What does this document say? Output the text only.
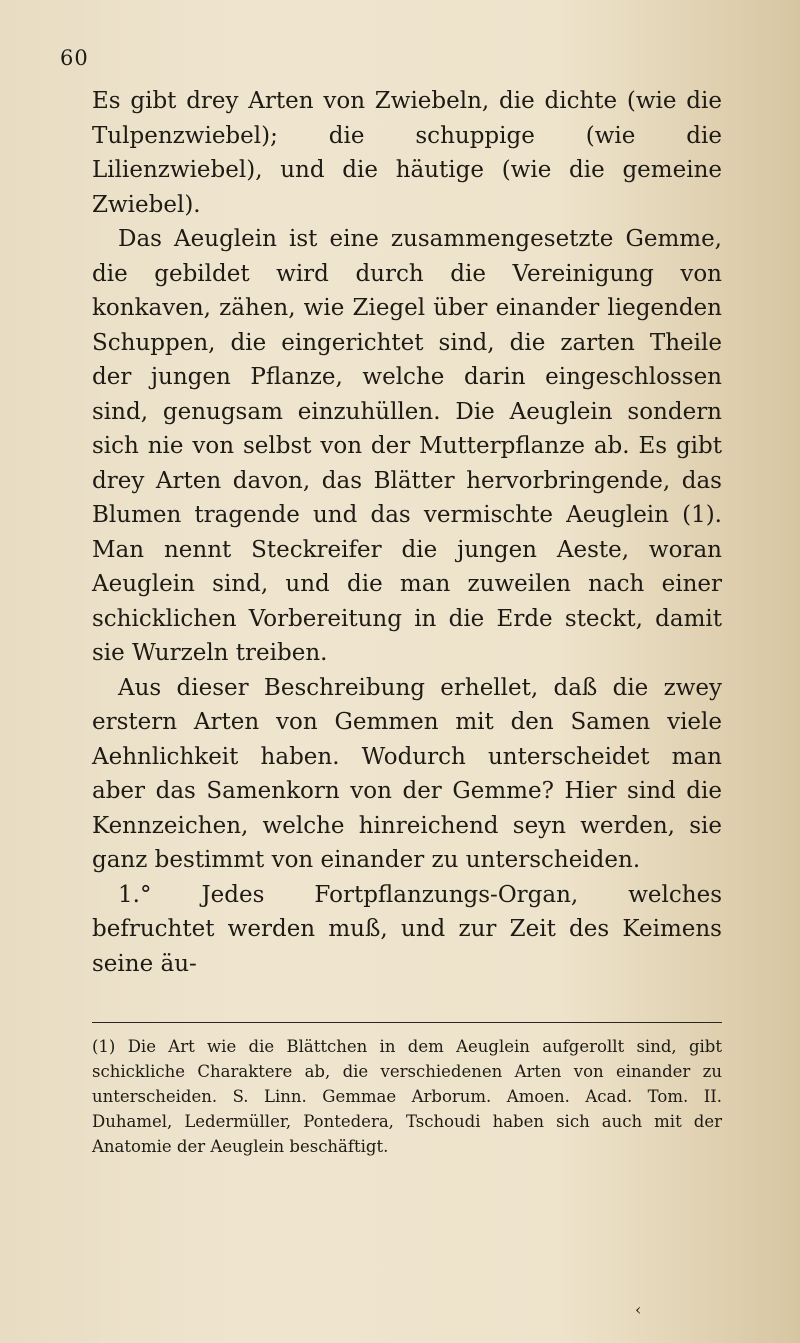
60

Es gibt drey Arten von Zwiebeln, die dichte (wie die Tulpenzwiebel); die schuppige (wie die Lilienzwiebel), und die häutige (wie die gemeine Zwiebel).

Das Aeuglein ist eine zusammengesetzte Gemme, die gebildet wird durch die Vereinigung von konkaven, zähen, wie Ziegel über einander liegenden Schuppen, die eingerichtet sind, die zarten Theile der jungen Pflanze, welche darin eingeschlossen sind, genugsam einzuhüllen. Die Aeuglein sondern sich nie von selbst von der Mutterpflanze ab. Es gibt drey Arten davon, das Blätter hervorbringende, das Blumen tragende und das vermischte Aeuglein (1). Man nennt Steckreifer die jungen Aeste, woran Aeuglein sind, und die man zuweilen nach einer schicklichen Vorbereitung in die Erde steckt, damit sie Wurzeln treiben.

Aus dieser Beschreibung erhellet, daß die zwey erstern Arten von Gemmen mit den Samen viele Aehnlichkeit haben. Wodurch unterscheidet man aber das Samenkorn von der Gemme? Hier sind die Kennzeichen, welche hinreichend seyn werden, sie ganz bestimmt von einander zu unterscheiden.

1.° Jedes Fortpflanzungs-Organ, welches befruchtet werden muß, und zur Zeit des Keimens seine äu-

(1) Die Art wie die Blättchen in dem Aeuglein aufgerollt sind, gibt schickliche Charaktere ab, die verschiedenen Arten von einander zu unterscheiden. S. Linn. Gemmae Arborum. Amoen. Acad. Tom. II. Duhamel, Ledermüller, Pontedera, Tschoudi haben sich auch mit der Anatomie der Aeuglein beschäftigt.
‹
